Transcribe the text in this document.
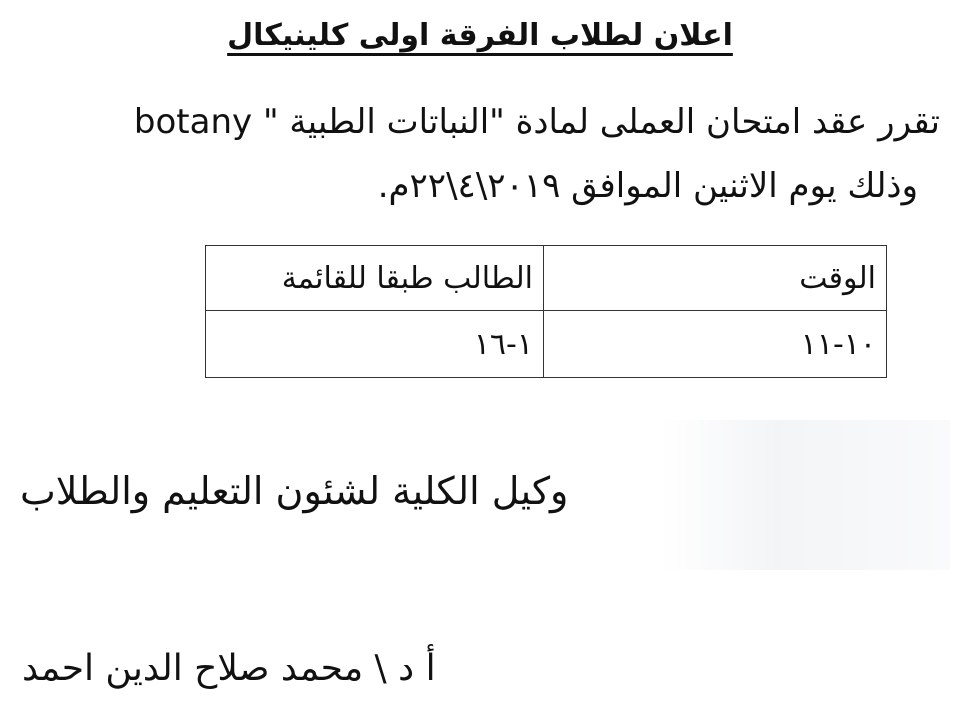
اعلان لطلاب الفرقة اولى كلينيكال
تقرر عقد امتحان العملى لمادة "النباتات الطبية " botany
وذلك يوم الاثنين الموافق ٢٠١٩\٤\٢٢م.
الوقت	الطالب طبقا للقائمة
١٠-١١	١-١٦
وكيل الكلية لشئون التعليم والطلاب
أ د \ محمد صلاح الدين احمد
